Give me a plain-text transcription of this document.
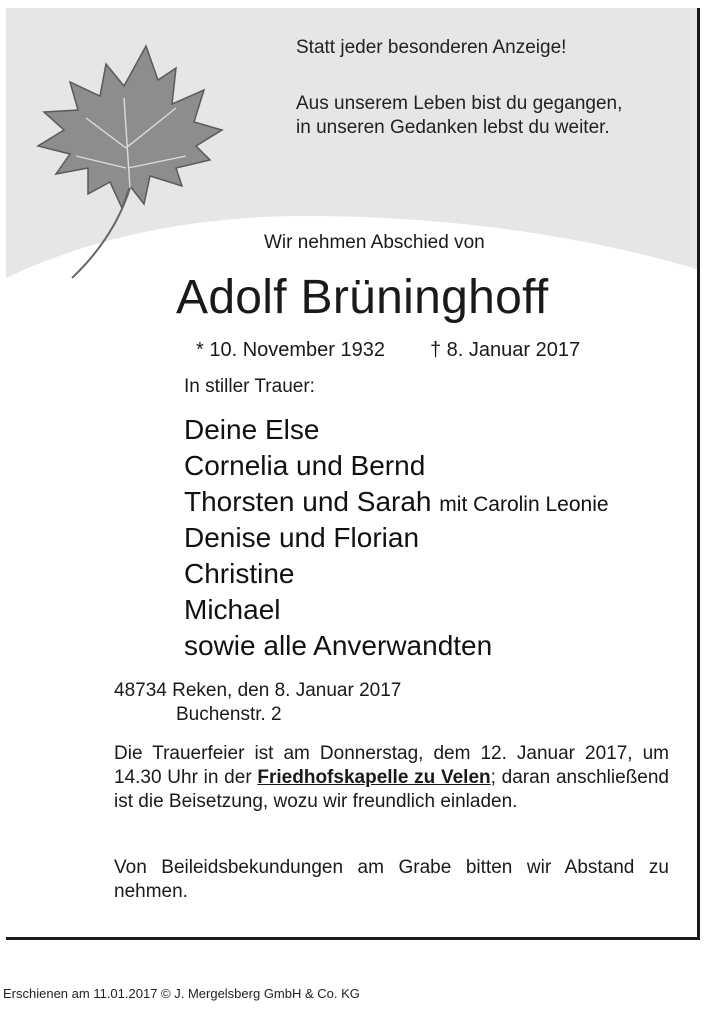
Statt jeder besonderen Anzeige!
Aus unserem Leben bist du gegangen,
in unseren Gedanken lebst du weiter.
Wir nehmen Abschied von
Adolf Brüninghoff
* 10. November 1932 † 8. Januar 2017
In stiller Trauer:
Deine Else
Cornelia und Bernd
Thorsten und Sarah mit Carolin Leonie
Denise und Florian
Christine
Michael
sowie alle Anverwandten
48734 Reken, den 8. Januar 2017
Buchenstr. 2
Die Trauerfeier ist am Donnerstag, dem 12. Januar 2017, um 14.30 Uhr in der Friedhofskapelle zu Velen; daran anschließend ist die Beisetzung, wozu wir freundlich einladen.
Von Beileidsbekundungen am Grabe bitten wir Abstand zu nehmen.
Erschienen am 11.01.2017 © J. Mergelsberg GmbH & Co. KG
